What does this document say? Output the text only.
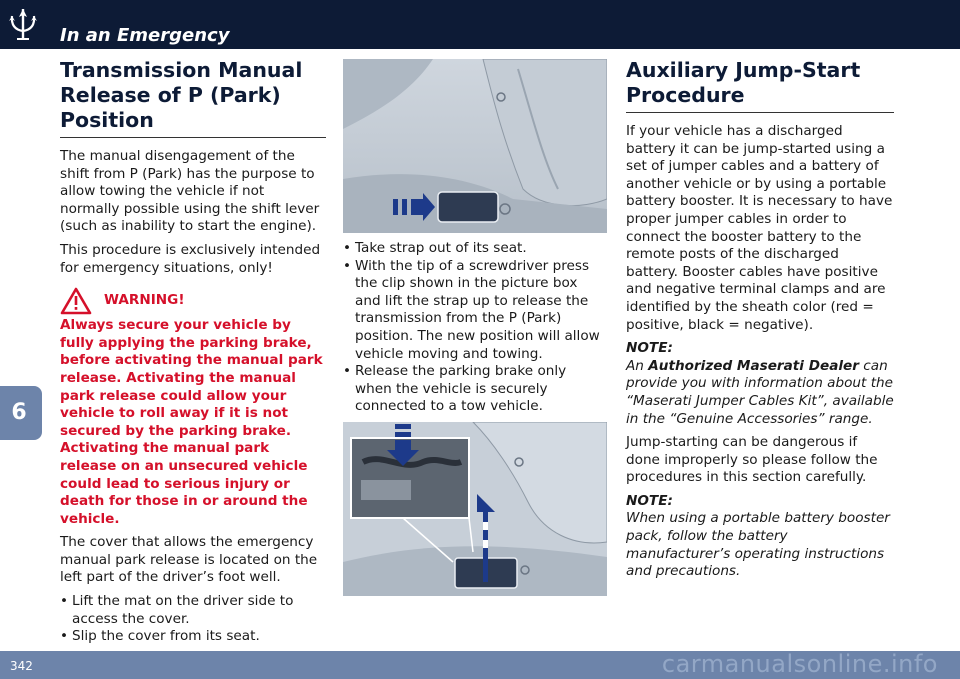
In an Emergency
6
Transmission Manual Release of P (Park) Position

The manual disengagement of the shift from P (Park) has the purpose to allow towing the vehicle if not normally possible using the shift lever (such as inability to start the engine).

This procedure is exclusively intended for emergency situations, only!

WARNING!

Always secure your vehicle by fully applying the parking brake, before activating the manual park release. Activating the manual park release could allow your vehicle to roll away if it is not secured by the parking brake. Activating the manual park release on an unsecured vehicle could lead to serious injury or death for those in or around the vehicle.

The cover that allows the emergency manual park release is located on the left part of the driver’s foot well.

• Lift the mat on the driver side to access the cover.
• Slip the cover from its seat.
• Take strap out of its seat.
• With the tip of a screwdriver press the clip shown in the picture box and lift the strap up to release the transmission from the P (Park) position. The new position will allow vehicle moving and towing.
• Release the parking brake only when the vehicle is securely connected to a tow vehicle.
Auxiliary Jump-Start Procedure

If your vehicle has a discharged battery it can be jump-started using a set of jumper cables and a battery of another vehicle or by using a portable battery booster. It is necessary to have proper jumper cables in order to connect the booster battery to the remote posts of the discharged battery. Booster cables have positive and negative terminal clamps and are identified by the sheath color (red = positive, black = negative).

NOTE:

An Authorized Maserati Dealer can provide you with information about the “Maserati Jumper Cables Kit”, available in the “Genuine Accessories” range.

Jump-starting can be dangerous if done improperly so please follow the procedures in this section carefully.

NOTE:

When using a portable battery booster pack, follow the battery manufacturer’s operating instructions and precautions.

342	carmanualsonline.info
